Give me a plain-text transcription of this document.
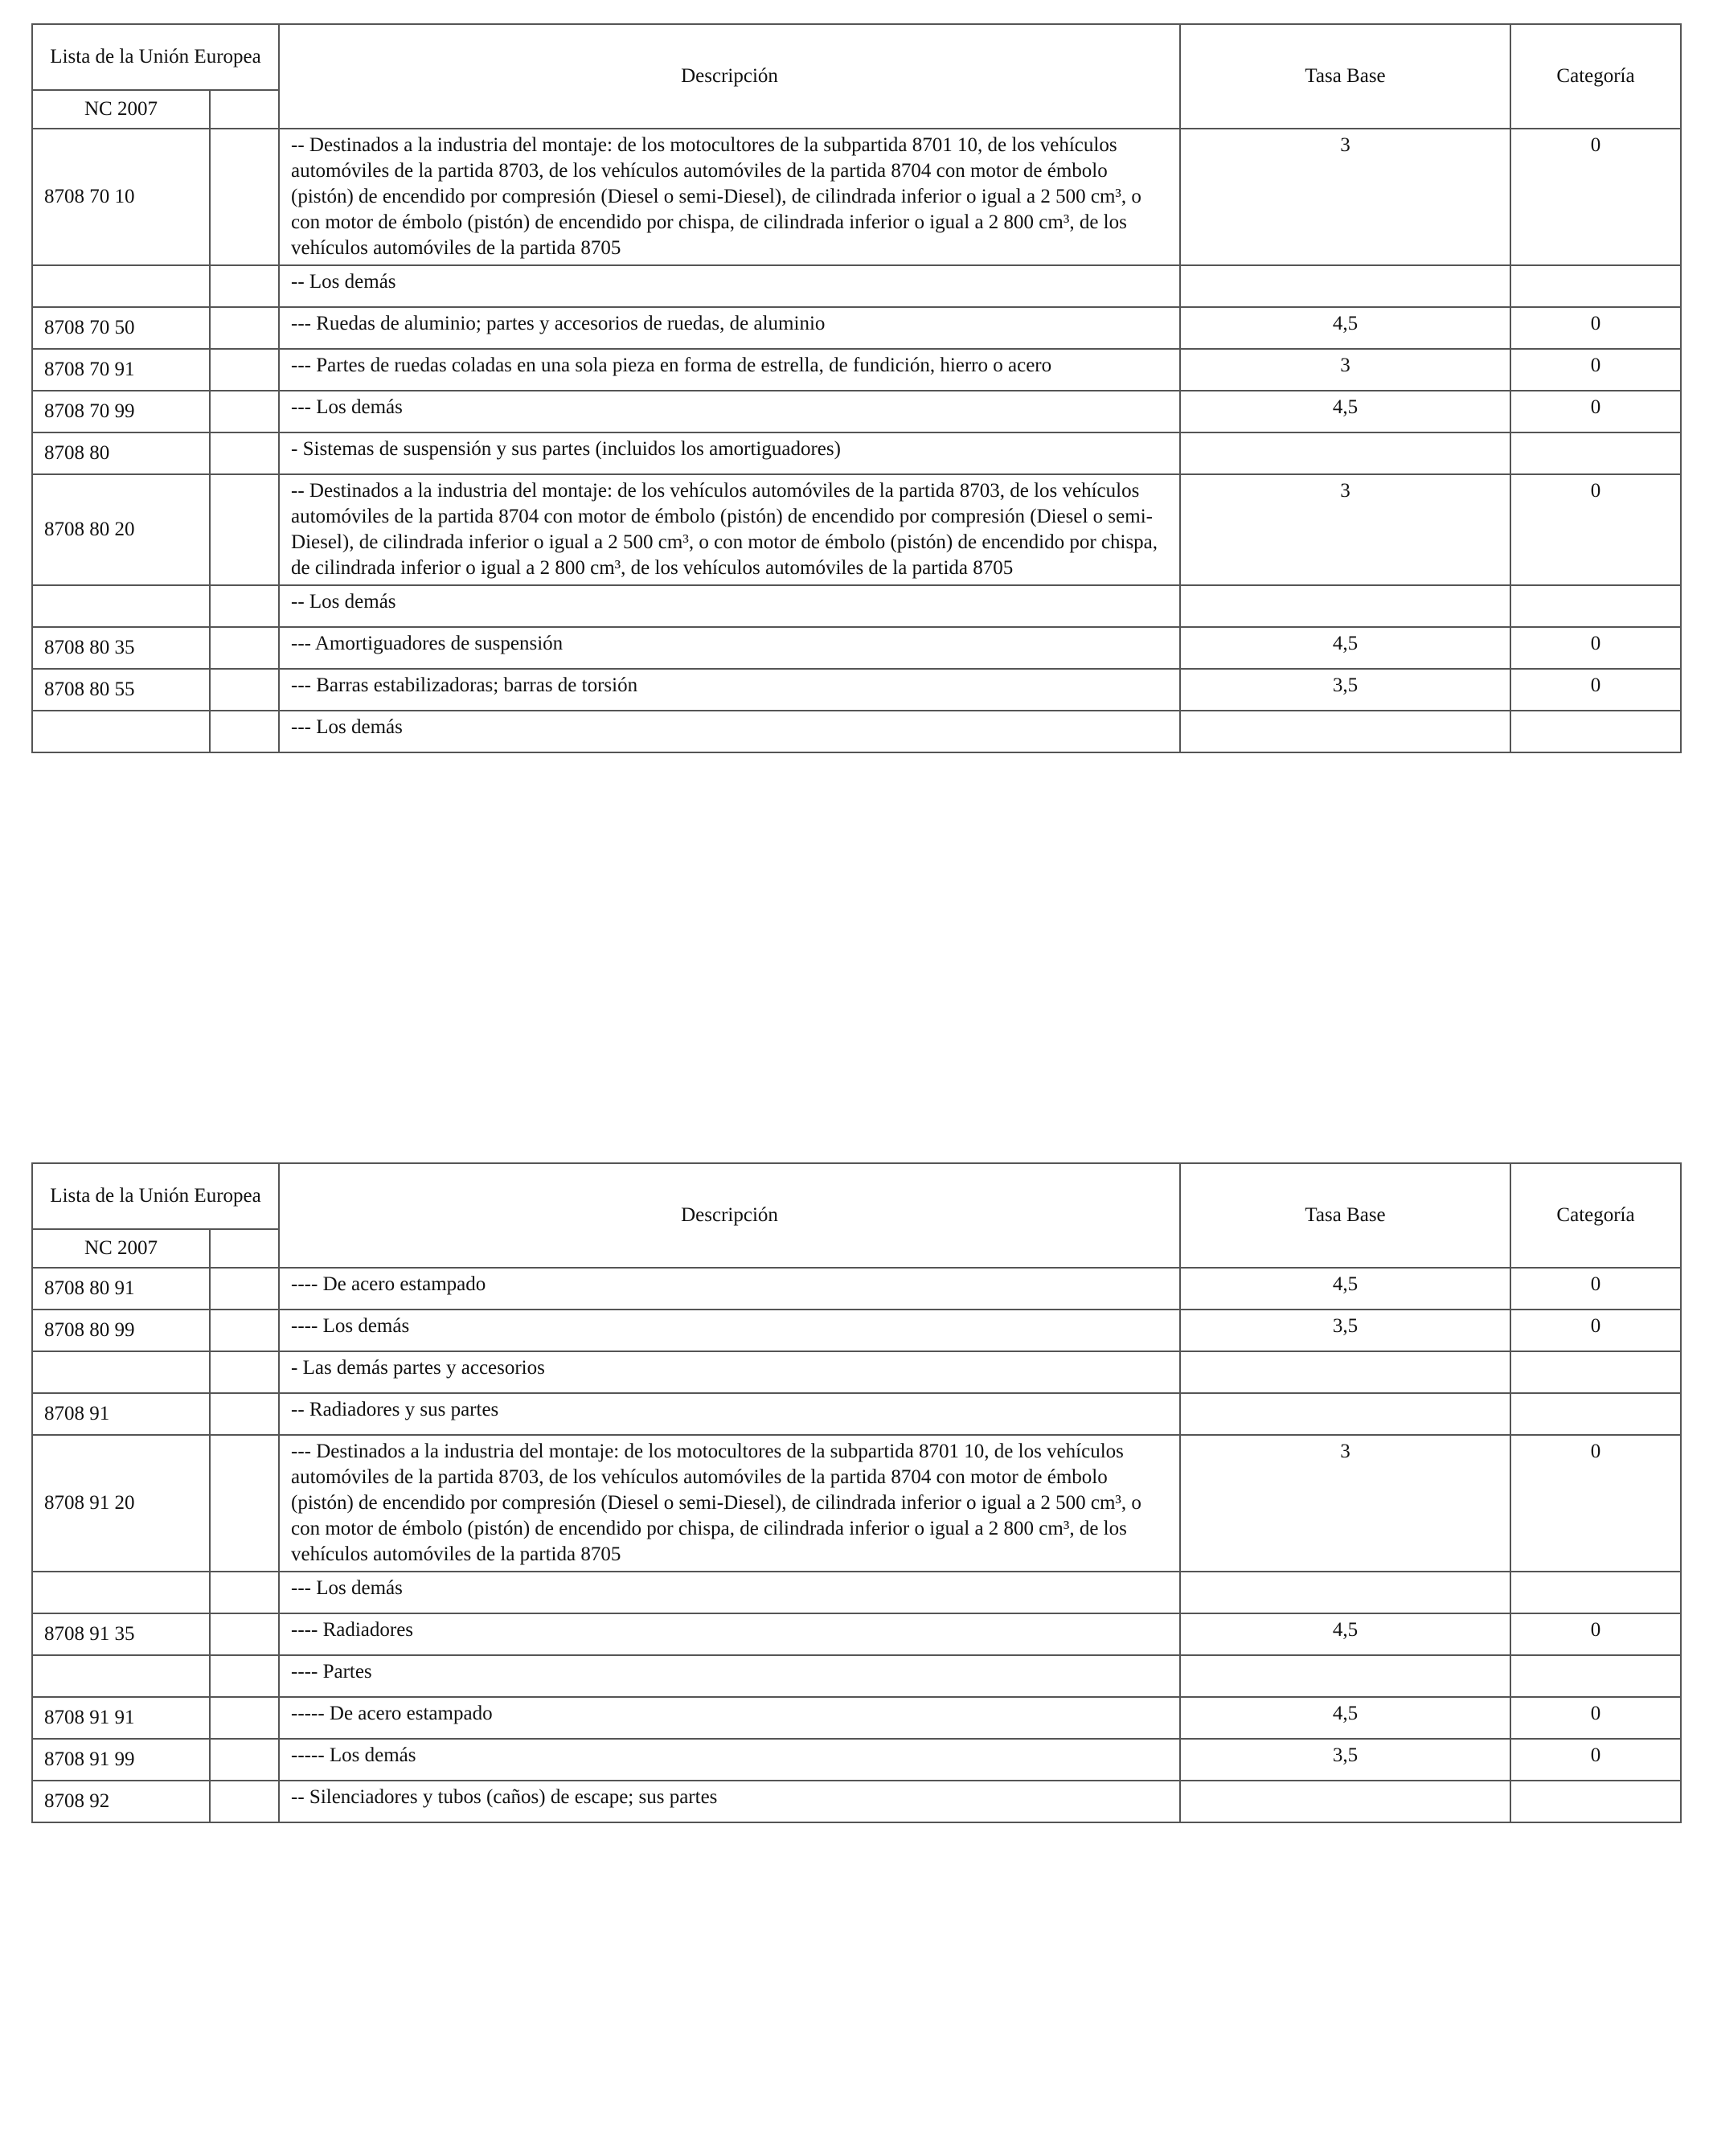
Lista de la Unión Europea		Descripción	Tasa Base	Categoría
NC 2007				
8708 70 10		-- Destinados a la industria del montaje: de los motocultores de la subpartida 8701 10, de los vehículos automóviles de la partida 8703, de los vehículos automóviles de la partida 8704 con motor de émbolo (pistón) de encendido por compresión (Diesel o semi-Diesel), de cilindrada inferior o igual a 2 500 cm³, o con motor de émbolo (pistón) de encendido por chispa, de cilindrada inferior o igual a 2 800 cm³, de los vehículos automóviles de la partida 8705	3	0
		-- Los demás		
8708 70 50		--- Ruedas de aluminio; partes y accesorios de ruedas, de aluminio	4,5	0
8708 70 91		--- Partes de ruedas coladas en una sola pieza en forma de estrella, de fundición, hierro o acero	3	0
8708 70 99		--- Los demás	4,5	0
8708 80		- Sistemas de suspensión y sus partes (incluidos los amortiguadores)		
8708 80 20		-- Destinados a la industria del montaje: de los vehículos automóviles de la partida 8703, de los vehículos automóviles de la partida 8704 con motor de émbolo (pistón) de encendido por compresión (Diesel o semi-Diesel), de cilindrada inferior o igual a 2 500 cm³, o con motor de émbolo (pistón) de encendido por chispa, de cilindrada inferior o igual a 2 800 cm³, de los vehículos automóviles de la partida 8705	3	0
		-- Los demás		
8708 80 35		--- Amortiguadores de suspensión	4,5	0
8708 80 55		--- Barras estabilizadoras; barras de torsión	3,5	0
		--- Los demás		
Lista de la Unión Europea		Descripción	Tasa Base	Categoría
NC 2007				
8708 80 91		---- De acero estampado	4,5	0
8708 80 99		---- Los demás	3,5	0
		- Las demás partes y accesorios		
8708 91		-- Radiadores y sus partes		
8708 91 20		--- Destinados a la industria del montaje: de los motocultores de la subpartida 8701 10, de los vehículos automóviles de la partida 8703, de los vehículos automóviles de la partida 8704 con motor de émbolo (pistón) de encendido por compresión (Diesel o semi-Diesel), de cilindrada inferior o igual a 2 500 cm³, o con motor de émbolo (pistón) de encendido por chispa, de cilindrada inferior o igual a 2 800 cm³, de los vehículos automóviles de la partida 8705	3	0
		--- Los demás		
8708 91 35		---- Radiadores	4,5	0
		---- Partes		
8708 91 91		----- De acero estampado	4,5	0
8708 91 99		----- Los demás	3,5	0
8708 92		-- Silenciadores y tubos (caños) de escape; sus partes		
